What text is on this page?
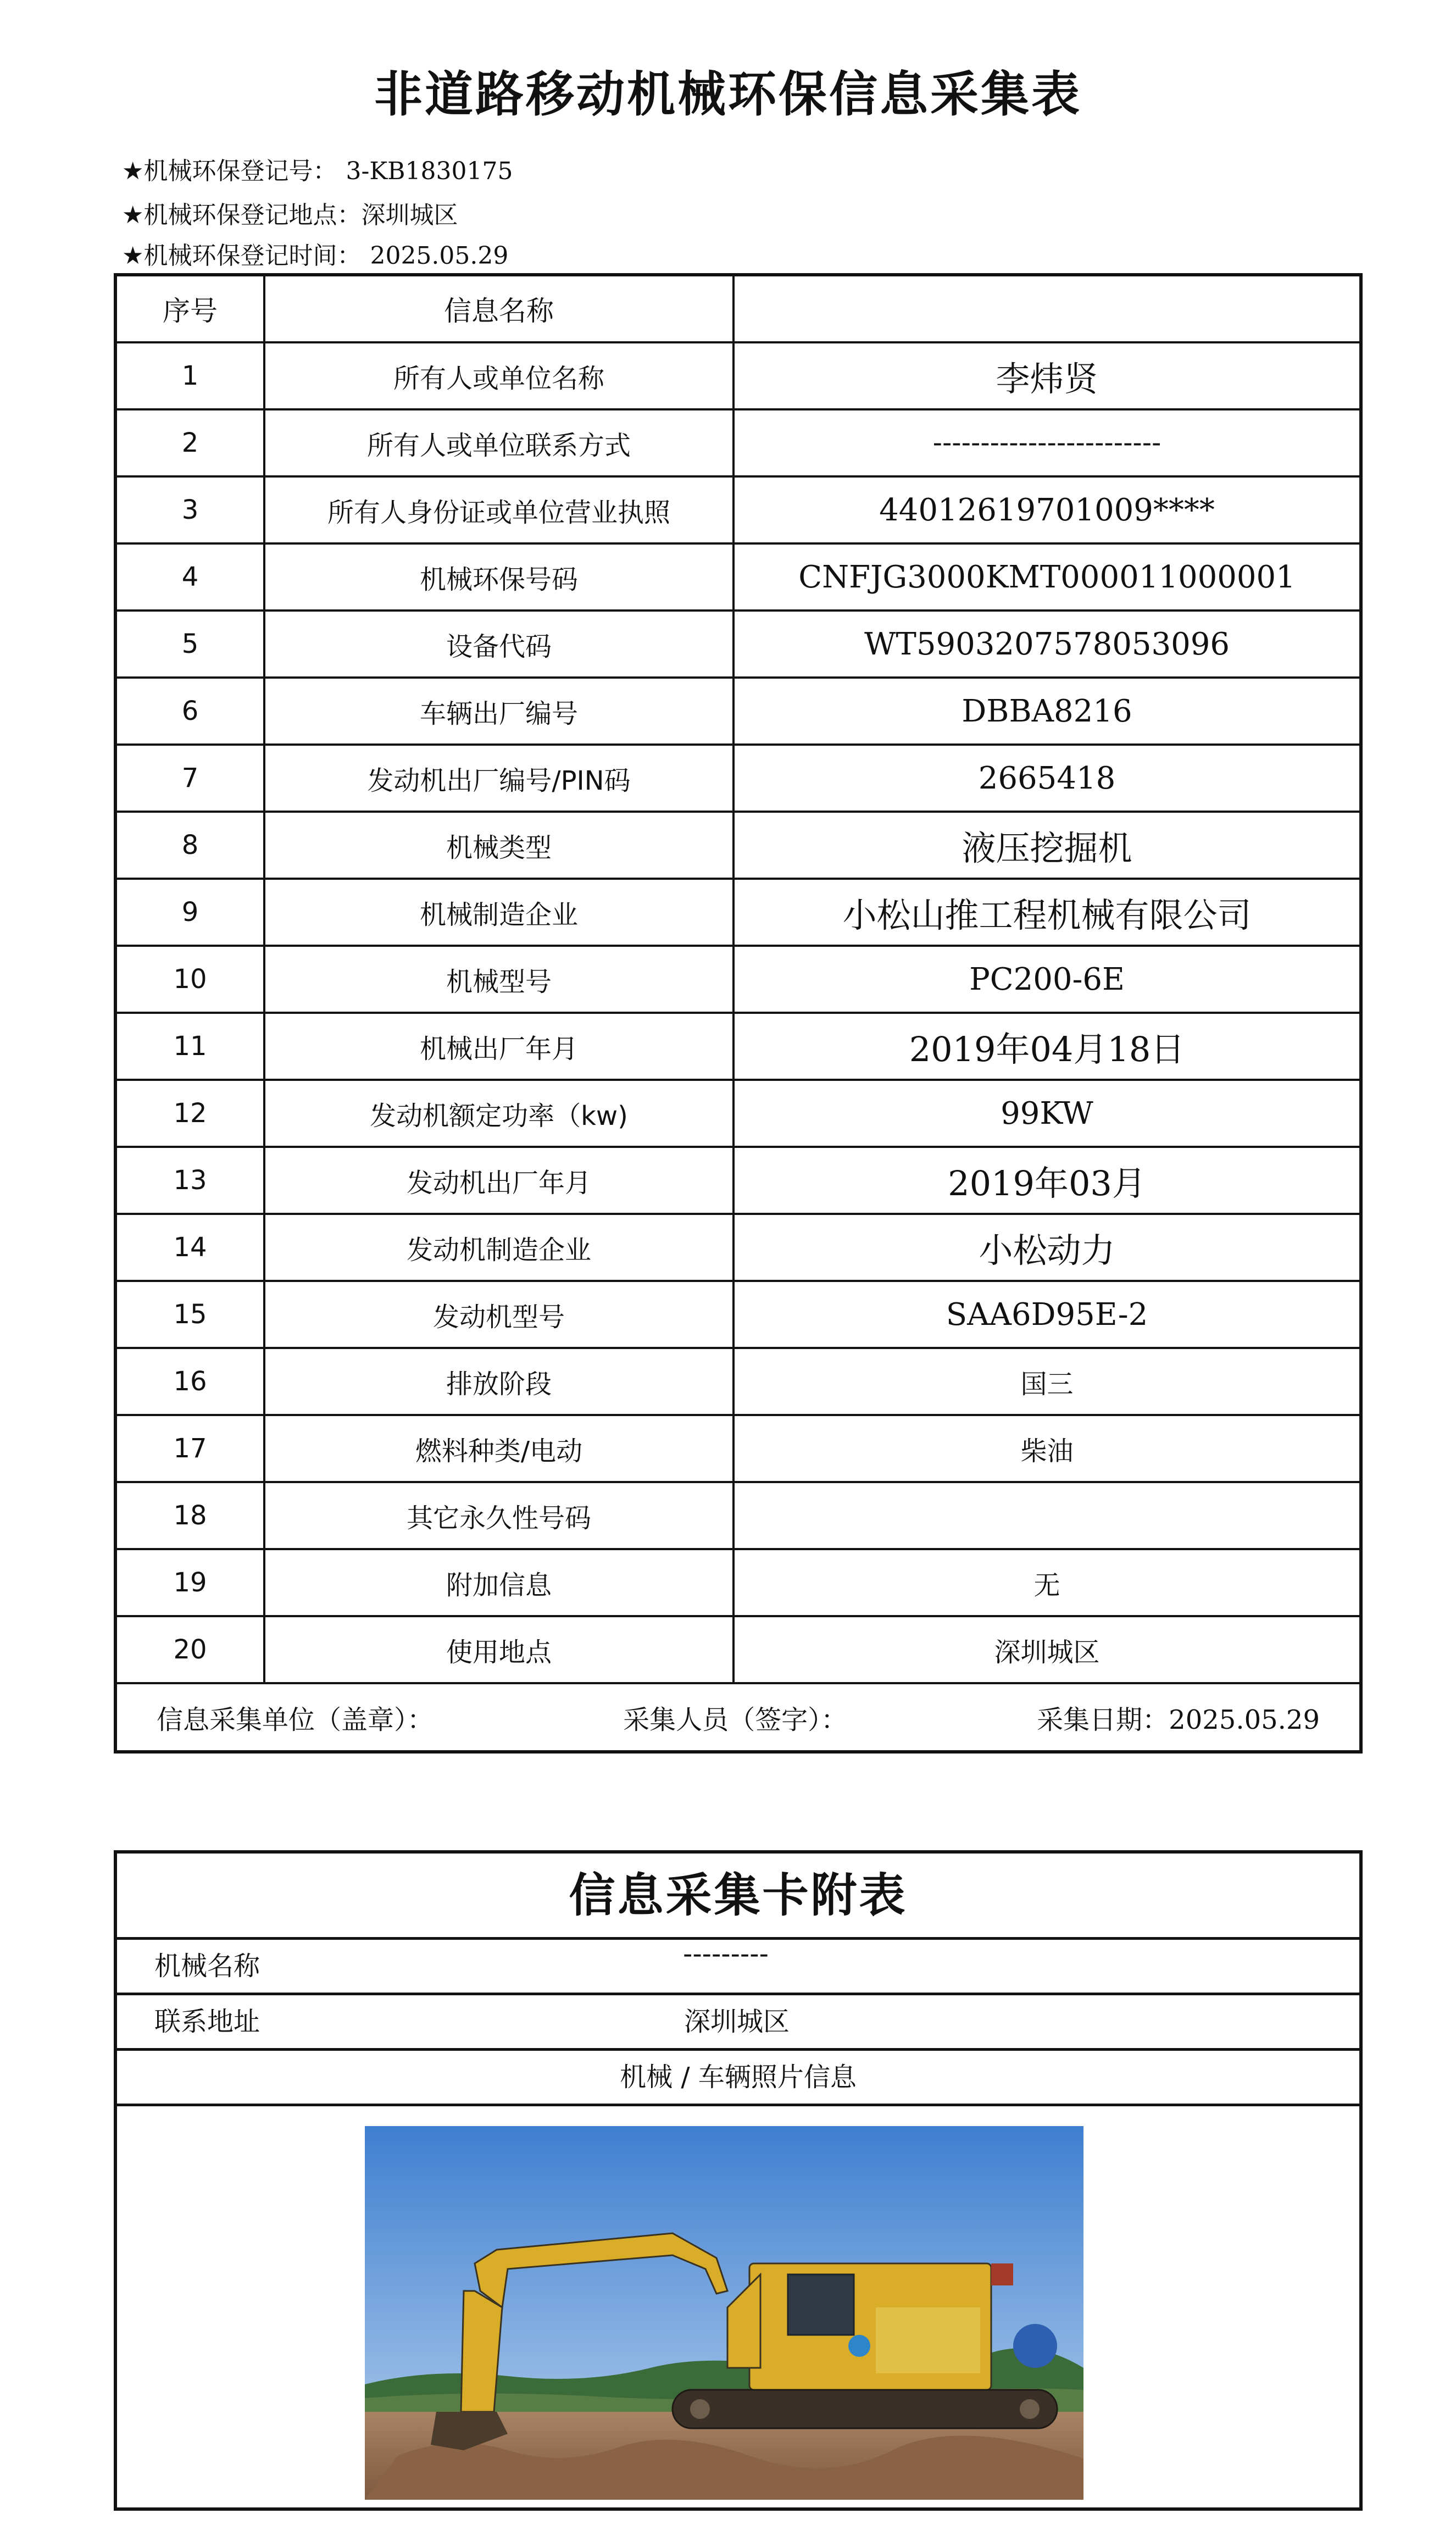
非道路移动机械环保信息采集表
★机械环保登记号： 3-KB1830175
★机械环保登记地点：深圳城区
★机械环保登记时间： 2025.05.29
序号	信息名称	
1	所有人或单位名称	李炜贤
2	所有人或单位联系方式	------------------------
3	所有人身份证或单位营业执照	44012619701009****
4	机械环保号码	CNFJG3000KMT000011000001
5	设备代码	WT5903207578053096
6	车辆出厂编号	DBBA8216
7	发动机出厂编号/PIN码	2665418
8	机械类型	液压挖掘机
9	机械制造企业	小松山推工程机械有限公司
10	机械型号	PC200-6E
11	机械出厂年月	2019年04月18日
12	发动机额定功率（kw)	99KW
13	发动机出厂年月	2019年03月
14	发动机制造企业	小松动力
15	发动机型号	SAA6D95E-2
16	排放阶段	国三
17	燃料种类/电动	柴油
18	其它永久性号码	
19	附加信息	无
20	使用地点	深圳城区

信息采集单位（盖章）： 采集人员（签字）： 采集日期：2025.05.29		
信息采集卡附表
机械名称	---------
联系地址	深圳城区
机械 / 车辆照片信息
